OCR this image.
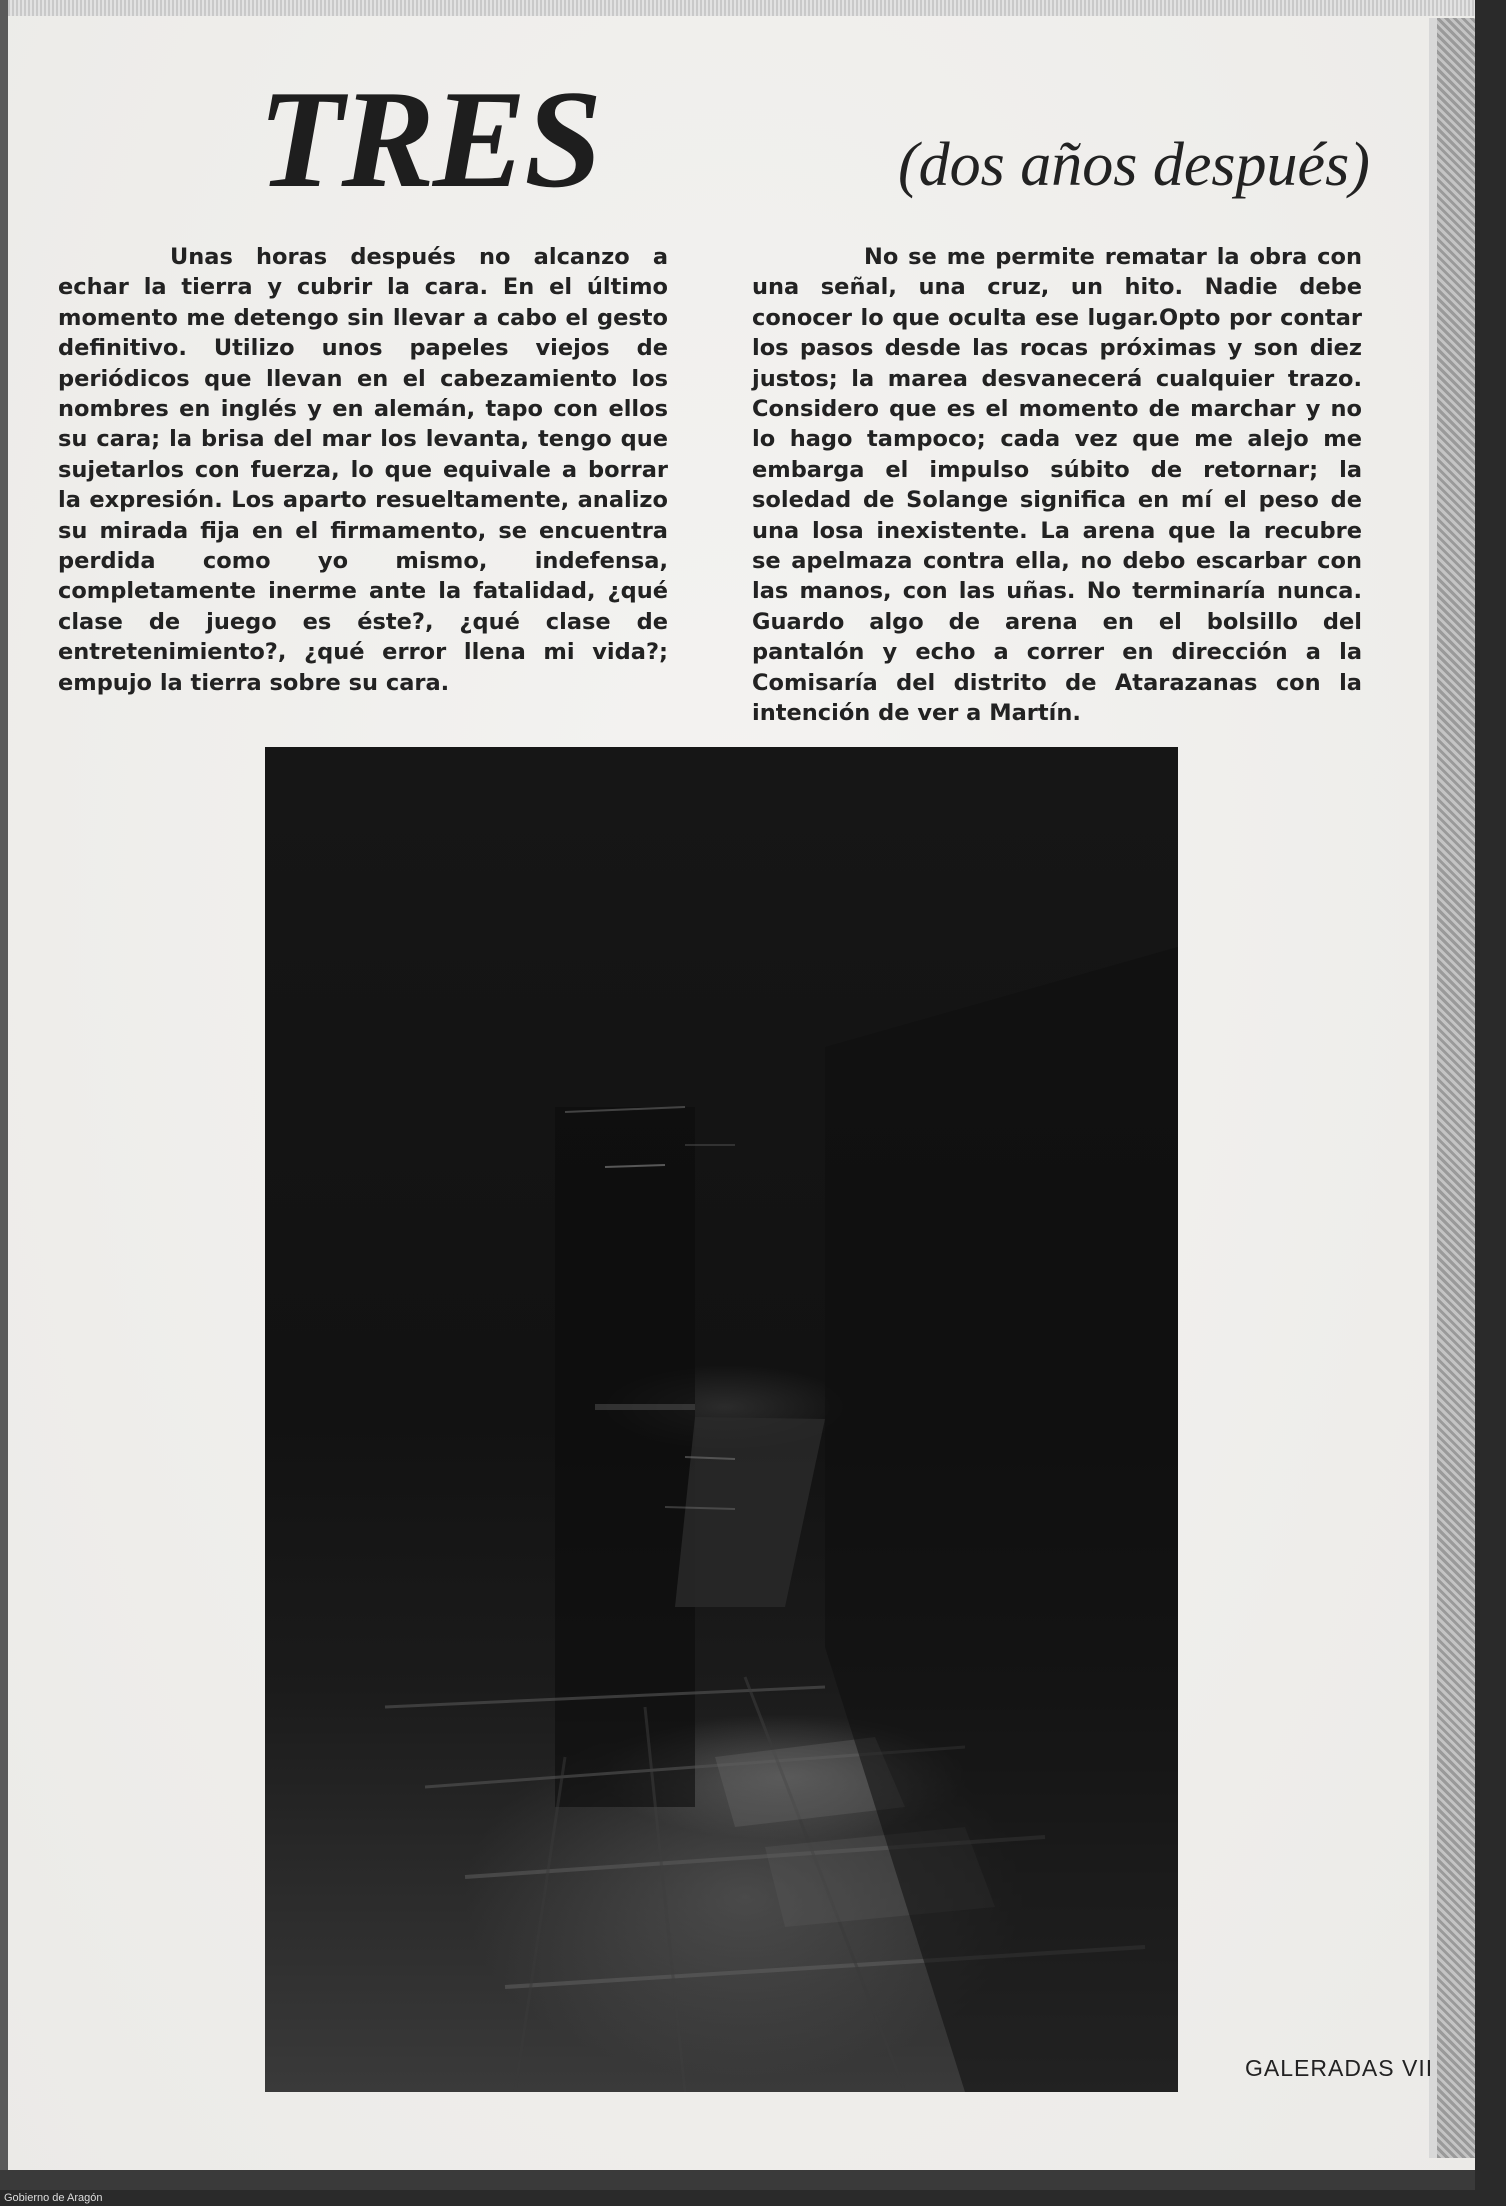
TRES	(dos años después)

Unas horas después no alcanzo a echar la tierra y cubrir la cara. En el último momento me detengo sin llevar a cabo el gesto definitivo. Utilizo unos papeles viejos de periódicos que llevan en el cabezamiento los nombres en inglés y en alemán, tapo con ellos su cara; la brisa del mar los levanta, tengo que sujetarlos con fuerza, lo que equivale a borrar la expresión. Los aparto resueltamente, analizo su mirada fija en el firmamento, se encuentra perdida como yo mismo, indefensa, completamente inerme ante la fatalidad, ¿qué clase de juego es éste?, ¿qué clase de entretenimiento?, ¿qué error llena mi vida?; empujo la tierra sobre su cara.

No se me permite rematar la obra con una señal, una cruz, un hito. Nadie debe conocer lo que oculta ese lugar.Opto por contar los pasos desde las rocas próximas y son diez justos; la marea desvanecerá cualquier trazo. Considero que es el momento de marchar y no lo hago tampoco; cada vez que me alejo me embarga el impulso súbito de retornar; la soledad de Solange significa en mí el peso de una losa inexistente. La arena que la recubre se apelmaza contra ella, no debo escarbar con las manos, con las uñas. No terminaría nunca. Guardo algo de arena en el bolsillo del pantalón y echo a correr en dirección a la Comisaría del distrito de Atarazanas con la intención de ver a Martín.

GALERADAS VII
Gobierno de Aragón
